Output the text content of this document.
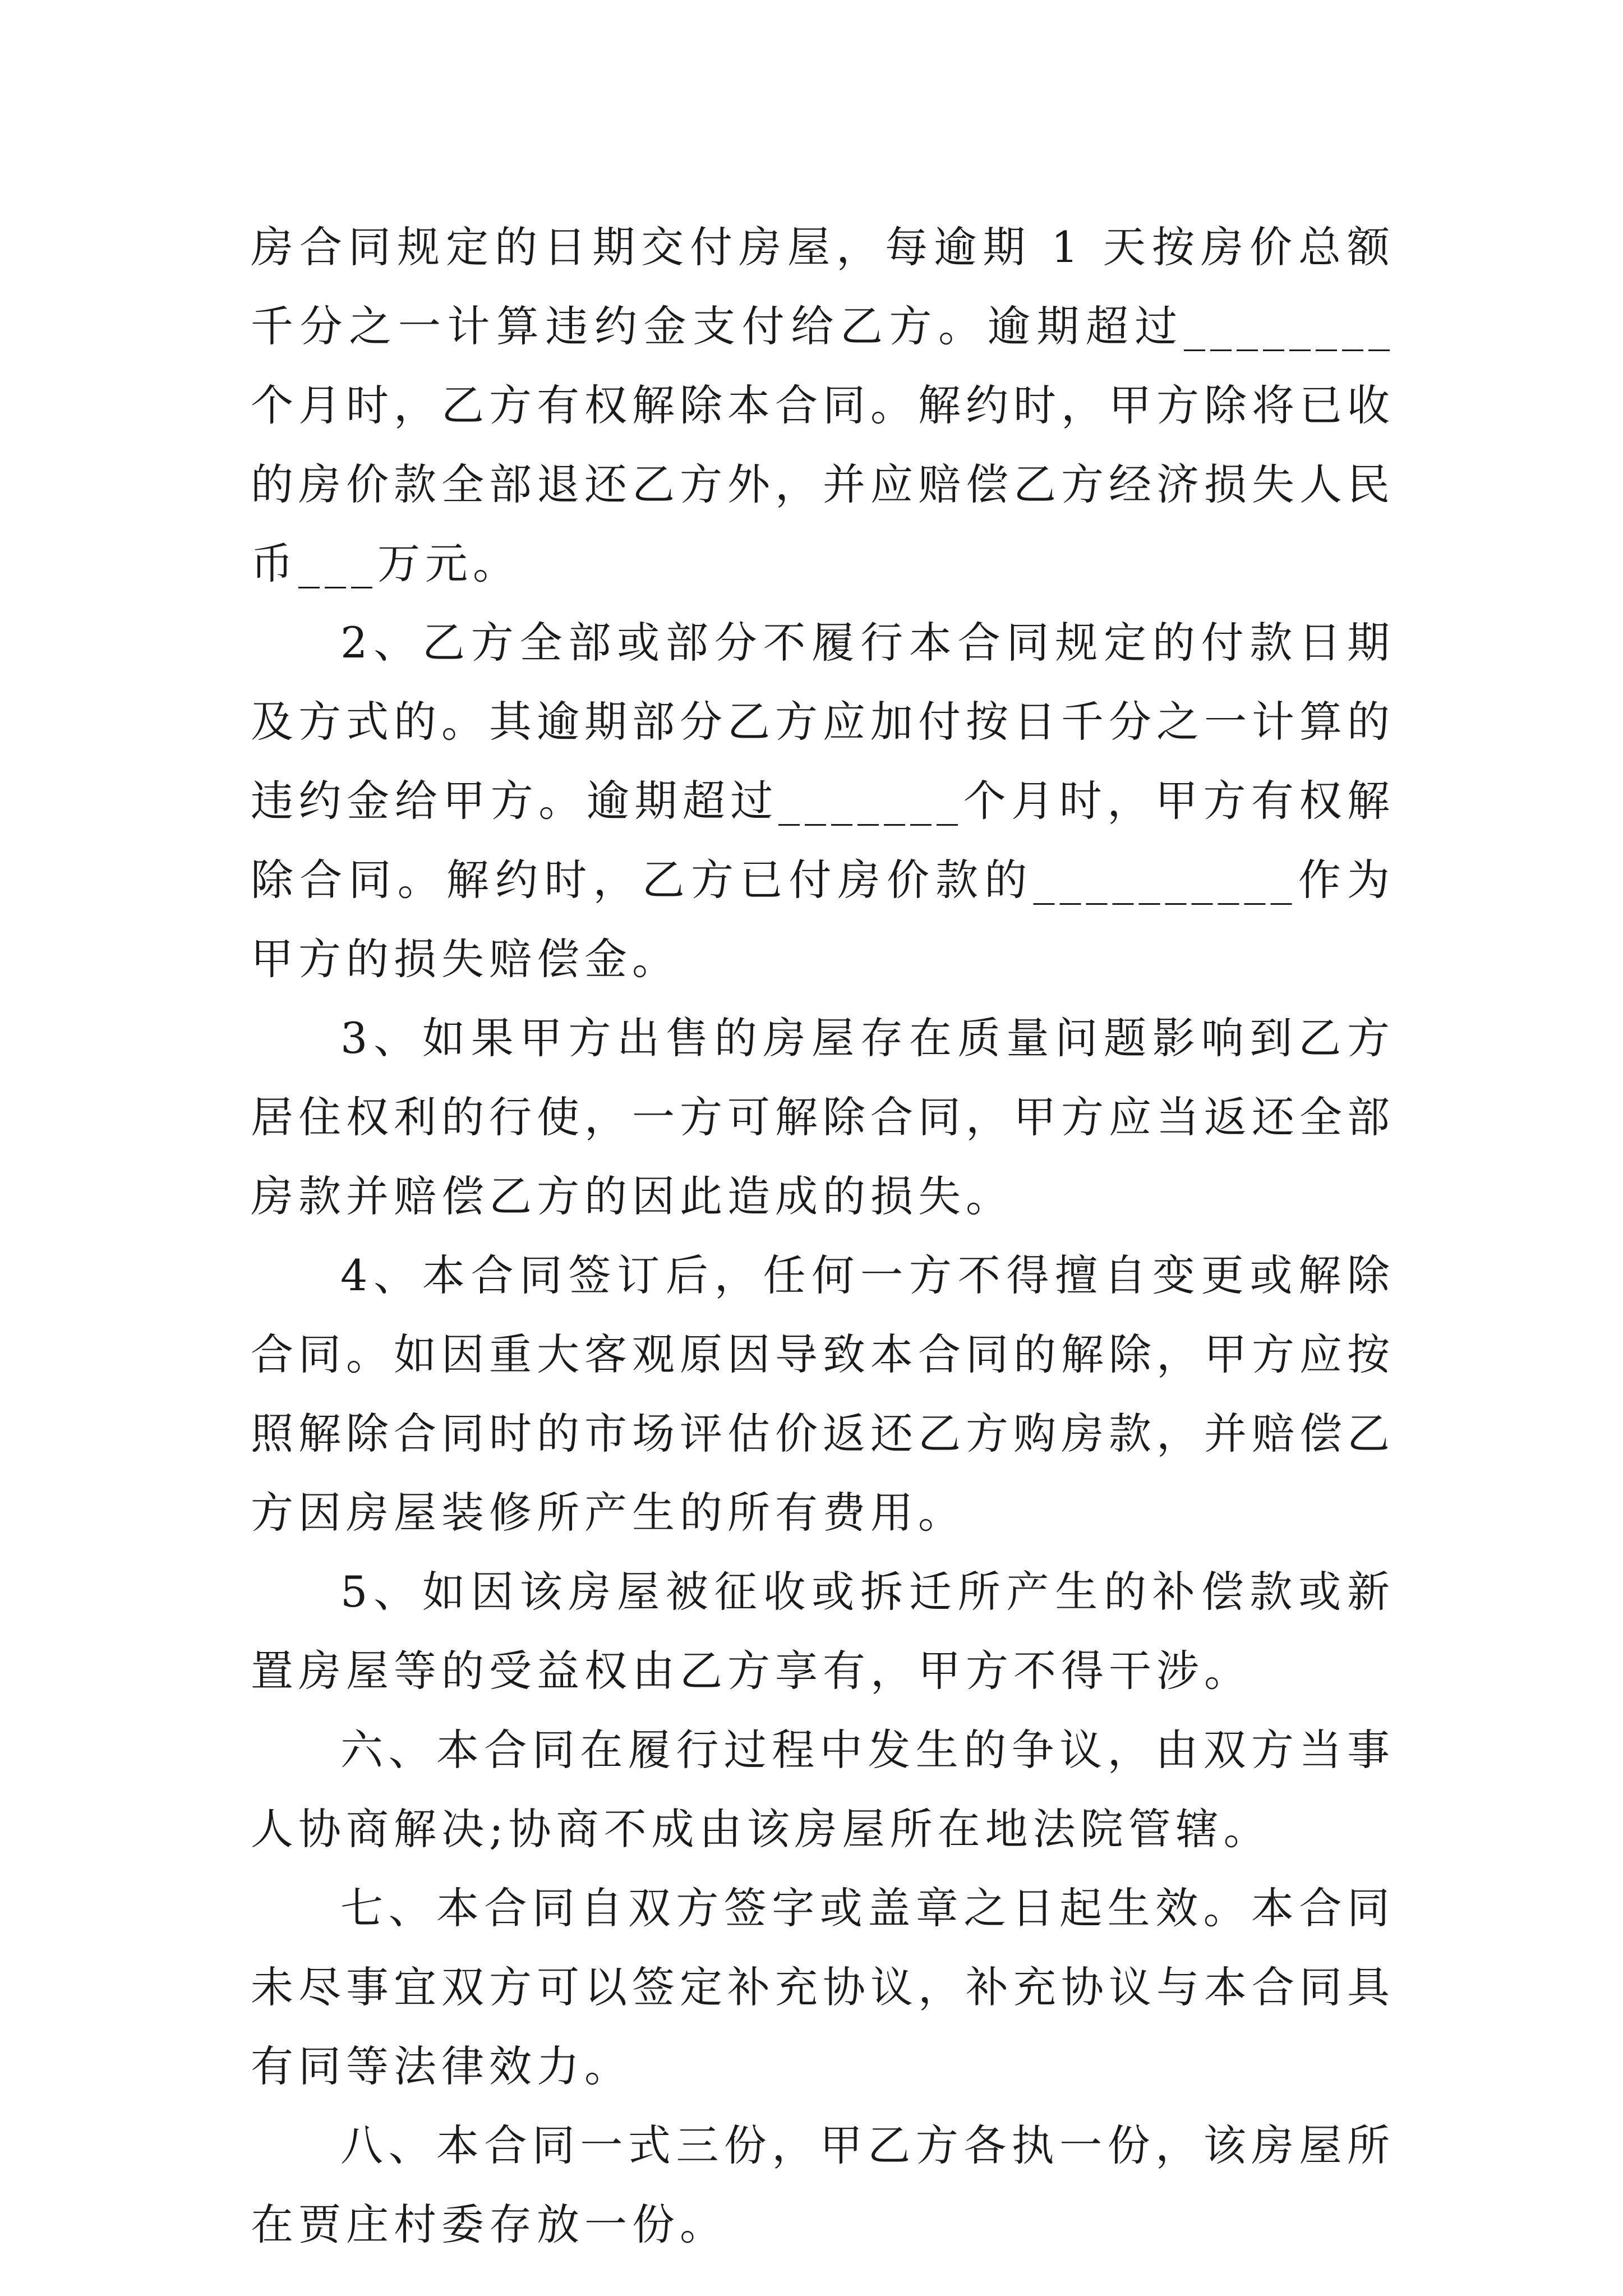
房合同规定的日期交付房屋，每逾期 1 天按房价总额千分之一计算违约金支付给乙方。逾期超过________个月时，乙方有权解除本合同。解约时，甲方除将已收的房价款全部退还乙方外，并应赔偿乙方经济损失人民币___万元。

2、乙方全部或部分不履行本合同规定的付款日期及方式的。其逾期部分乙方应加付按日千分之一计算的违约金给甲方。逾期超过_______个月时，甲方有权解除合同。解约时，乙方已付房价款的__________作为甲方的损失赔偿金。

3、如果甲方出售的房屋存在质量问题影响到乙方居住权利的行使，一方可解除合同，甲方应当返还全部房款并赔偿乙方的因此造成的损失。

4、本合同签订后，任何一方不得擅自变更或解除合同。如因重大客观原因导致本合同的解除，甲方应按照解除合同时的市场评估价返还乙方购房款，并赔偿乙方因房屋装修所产生的所有费用。

5、如因该房屋被征收或拆迁所产生的补偿款或新置房屋等的受益权由乙方享有，甲方不得干涉。

六、本合同在履行过程中发生的争议，由双方当事人协商解决;协商不成由该房屋所在地法院管辖。

七、本合同自双方签字或盖章之日起生效。本合同未尽事宜双方可以签定补充协议，补充协议与本合同具有同等法律效力。

八、本合同一式三份，甲乙方各执一份，该房屋所在贾庄村委存放一份。
